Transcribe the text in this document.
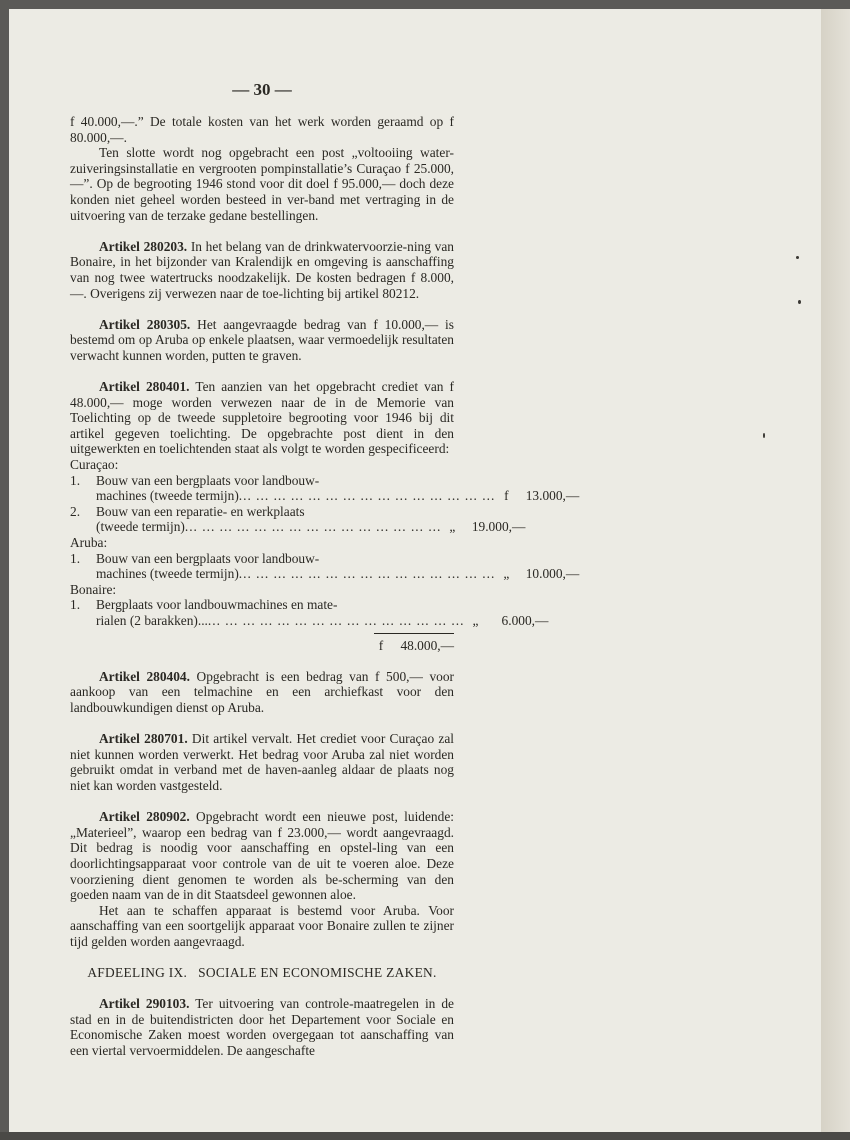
— 30 —

f 40.000,—.” De totale kosten van het werk worden geraamd op f 80.000,—.

Ten slotte wordt nog opgebracht een post „voltooiing water-zuiveringsinstallatie en vergrooten pompinstallatie’s Curaçao f 25.000,—”. Op de begrooting 1946 stond voor dit doel f 95.000,— doch deze konden niet geheel worden besteed in ver-band met vertraging in de uitvoering van de terzake gedane bestellingen.

Artikel 280203. In het belang van de drinkwatervoorzie-ning van Bonaire, in het bijzonder van Kralendijk en omgeving is aanschaffing van nog twee watertrucks noodzakelijk. De kosten bedragen f 8.000,—. Overigens zij verwezen naar de toe-lichting bij artikel 80212.

Artikel 280305. Het aangevraagde bedrag van f 10.000,— is bestemd om op Aruba op enkele plaatsen, waar vermoedelijk resultaten verwacht kunnen worden, putten te graven.

Artikel 280401. Ten aanzien van het opgebracht crediet van f 48.000,— moge worden verwezen naar de in de Memorie van Toelichting op de tweede suppletoire begrooting voor 1946 bij dit artikel gegeven toelichting. De opgebrachte post dient in den uitgewerkten en toelichtenden staat als volgt te worden gespecificeerd:

Curaçao:

1.	Bouw van een bergplaats voor landbouw-
machines (tweede termijn) ... .	f	13.000,—
2.	Bouw van een reparatie- en werkplaats
(tweede termijn) ... .	„	19.000,—

Aruba:

1.	Bouw van een bergplaats voor landbouw-
machines (tweede termijn) ... .	„	10.000,—

Bonaire:

1.	Bergplaats voor landbouwmachines en mate-
rialen (2 barakken)... ... .	„	6.000,—
f	48.000,—

Artikel 280404. Opgebracht is een bedrag van f 500,— voor aankoop van een telmachine en een archiefkast voor den landbouwkundigen dienst op Aruba.

Artikel 280701. Dit artikel vervalt. Het crediet voor Curaçao zal niet kunnen worden verwerkt. Het bedrag voor Aruba zal niet worden gebruikt omdat in verband met de haven-aanleg aldaar de plaats nog niet kan worden vastgesteld.

Artikel 280902. Opgebracht wordt een nieuwe post, luidende: „Materieel”, waarop een bedrag van f 23.000,— wordt aangevraagd. Dit bedrag is noodig voor aanschaffing en opstel-ling van een doorlichtingsapparaat voor controle van de uit te voeren aloe. Deze voorziening dient genomen te worden als be-scherming van den goeden naam van de in dit Staatsdeel gewonnen aloe.

Het aan te schaffen apparaat is bestemd voor Aruba. Voor aanschaffing van een soortgelijk apparaat voor Bonaire zullen te zijner tijd gelden worden aangevraagd.

AFDEELING IX.   SOCIALE EN ECONOMISCHE ZAKEN.

Artikel 290103. Ter uitvoering van controle-maatregelen in de stad en in de buitendistricten door het Departement voor Sociale en Economische Zaken moest worden overgegaan tot aanschaffing van een viertal vervoermiddelen. De aangeschafte
